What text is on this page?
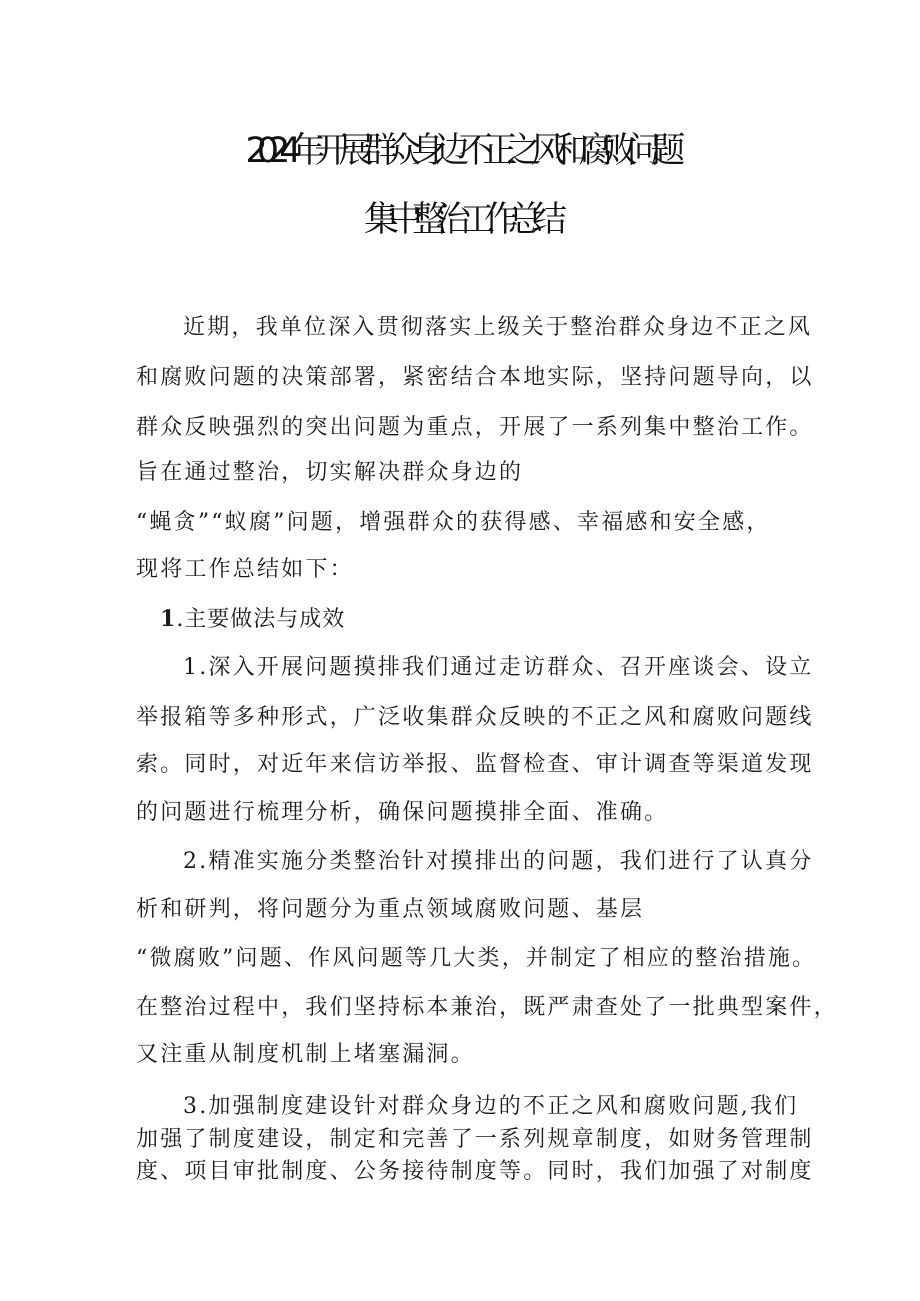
2024年开展群众身边不正之风和腐败问题
集中整治工作总结
近期，我单位深入贯彻落实上级关于整治群众身边不正之风
和腐败问题的决策部署，紧密结合本地实际，坚持问题导向，以
群众反映强烈的突出问题为重点，开展了一系列集中整治工作。
旨在通过整治，切实解决群众身边的
“蝇贪”“蚁腐”问题，增强群众的获得感、幸福感和安全感，
现将工作总结如下：
1.主要做法与成效
1.深入开展问题摸排我们通过走访群众、召开座谈会、设立
举报箱等多种形式，广泛收集群众反映的不正之风和腐败问题线
索。同时，对近年来信访举报、监督检查、审计调查等渠道发现
的问题进行梳理分析，确保问题摸排全面、准确。
2.精准实施分类整治针对摸排出的问题，我们进行了认真分
析和研判，将问题分为重点领域腐败问题、基层
“微腐败”问题、作风问题等几大类，并制定了相应的整治措施。
在整治过程中，我们坚持标本兼治，既严肃查处了一批典型案件，
又注重从制度机制上堵塞漏洞。
3.加强制度建设针对群众身边的不正之风和腐败问题,我们
加强了制度建设，制定和完善了一系列规章制度，如财务管理制
度、项目审批制度、公务接待制度等。同时，我们加强了对制度
